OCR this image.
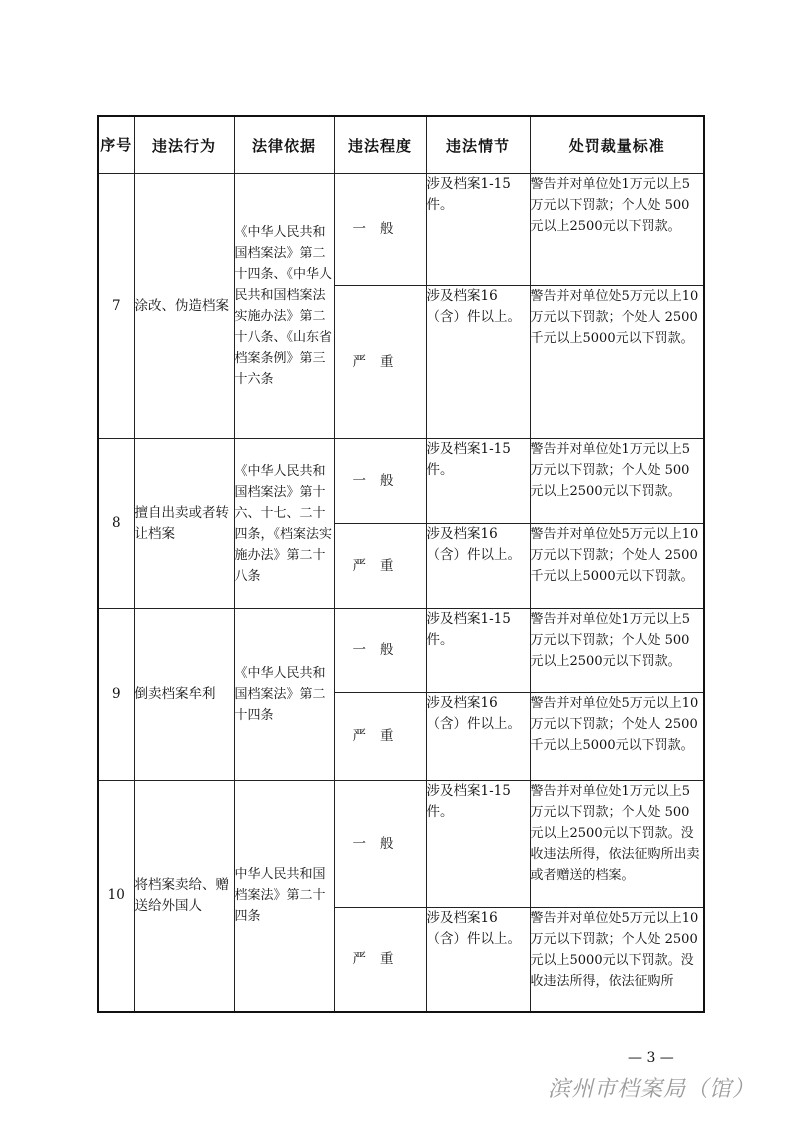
序号	违法行为	法律依据	违法程度	违法情节	处罚裁量标准
7	涂改、伪造档案	《中华人民共和国档案法》第二十四条、《中华人民共和国档案法实施办法》第二十八条、《山东省档案条例》第三十六条	一般	涉及档案1-15件。	警告并对单位处1万元以上5万元以下罚款；个人处 500 元以上2500元以下罚款。
			严重	涉及档案16（含）件以上。	警告并对单位处5万元以上10万元以下罚款；个处人 2500 千元以上5000元以下罚款。
8	擅自出卖或者转让档案	《中华人民共和国档案法》第十六、十七、二十四条，《档案法实施办法》第二十八条	一般	涉及档案1-15件。	警告并对单位处1万元以上5万元以下罚款；个人处 500 元以上2500元以下罚款。
			严重	涉及档案16（含）件以上。	警告并对单位处5万元以上10万元以下罚款；个处人 2500 千元以上5000元以下罚款。
9	倒卖档案牟利	《中华人民共和国档案法》第二十四条	一般	涉及档案1-15件。	警告并对单位处1万元以上5万元以下罚款；个人处 500 元以上2500元以下罚款。
			严重	涉及档案16（含）件以上。	警告并对单位处5万元以上10万元以下罚款；个处人 2500 千元以上5000元以下罚款。
10	将档案卖给、赠送给外国人	中华人民共和国档案法》第二十四条	一般	涉及档案1-15件。	警告并对单位处1万元以上5万元以下罚款；个人处 500 元以上2500元以下罚款。没收违法所得，依法征购所出卖或者赠送的档案。
			严重	涉及档案16（含）件以上。	警告并对单位处5万元以上10万元以下罚款；个人处 2500 元以上5000元以下罚款。没收违法所得，依法征购所
— 3 —
滨州市档案局（馆）
